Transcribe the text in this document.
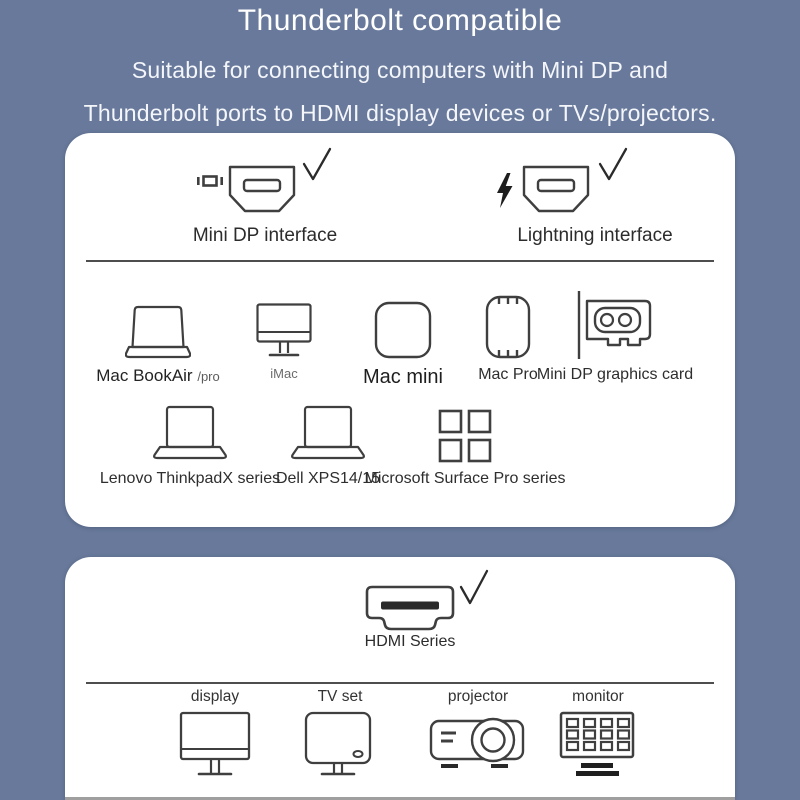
Thunderbolt compatible
Suitable for connecting computers with Mini DP and
Thunderbolt ports to HDMI display devices or TVs/projectors.
Mini DP interface	Lightning interface
Mac BookAir /pro	iMac	Mac mini Mac Pro Mini DP graphics card
Lenovo ThinkpadX series
Dell XPS14/15
Microsoft Surface Pro series
HDMI Series
display	TV set	projector	monitor
